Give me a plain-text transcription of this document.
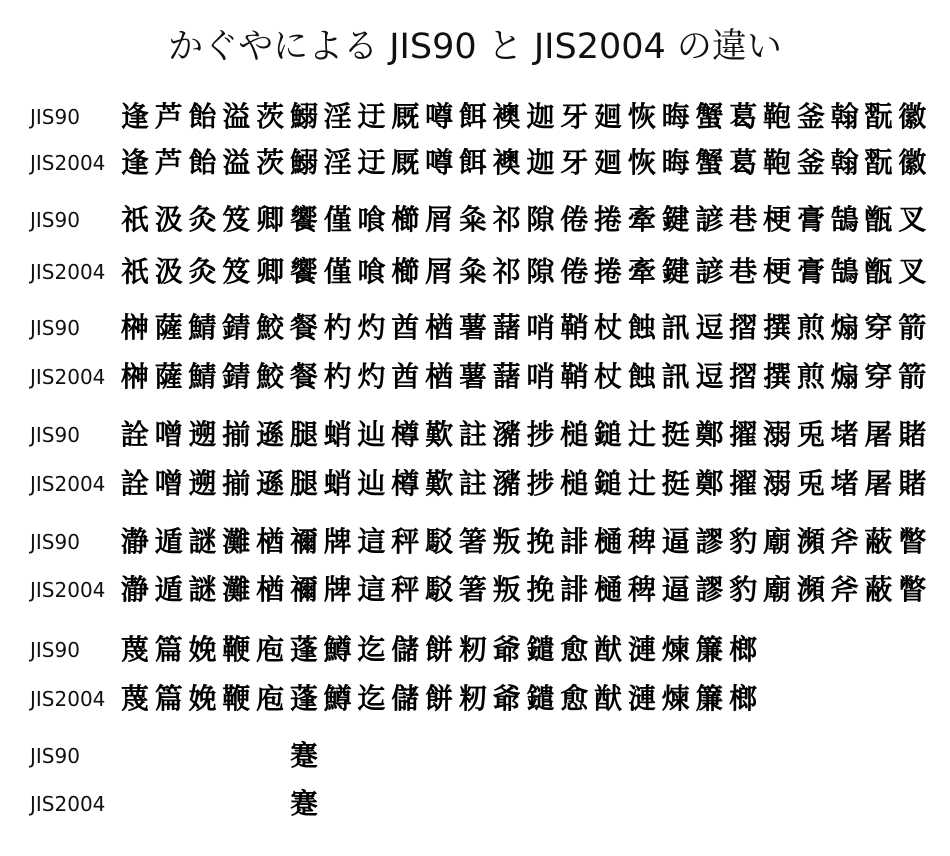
かぐやによる JIS90 と JIS2004 の違い
JIS90 逢 芦 飴 溢 茨 鰯 淫 迂 厩 噂 餌 襖 迦 牙 廻 恢 晦 蟹 葛 鞄 釜 翰 翫 徽
JIS2004 逢 芦 飴 溢 茨 鰯 淫 迂 厩 噂 餌 襖 迦 牙 廻 恢 晦 蟹 葛 鞄 釜 翰 翫 徽
JIS90 祇 汲 灸 笈 卿 饗 僅 喰 櫛 屑 粂 祁 隙 倦 捲 牽 鍵 諺 巷 梗 膏 鵠 甑 叉
JIS2004 祇 汲 灸 笈 卿 饗 僅 喰 櫛 屑 粂 祁 隙 倦 捲 牽 鍵 諺 巷 梗 膏 鵠 甑 叉
JIS90 榊 薩 鯖 錆 鮫 餐 杓 灼 酋 楢 薯 藷 哨 鞘 杖 蝕 訊 逗 摺 撰 煎 煽 穿 箭
JIS2004 榊 薩 鯖 錆 鮫 餐 杓 灼 酋 楢 薯 藷 哨 鞘 杖 蝕 訊 逗 摺 撰 煎 煽 穿 箭
JIS90 詮 噌 遡 揃 遜 腿 蛸 辿 樽 歎 註 瀦 捗 槌 鎚 辻 挺 鄭 擢 溺 兎 堵 屠 賭
JIS2004 詮 噌 遡 揃 遜 腿 蛸 辿 樽 歎 註 瀦 捗 槌 鎚 辻 挺 鄭 擢 溺 兎 堵 屠 賭
JIS90 瀞 遁 謎 灘 楢 禰 牌 這 秤 駁 箸 叛 挽 誹 樋 稗 逼 謬 豹 廟 瀕 斧 蔽 瞥
JIS2004 瀞 遁 謎 灘 楢 禰 牌 這 秤 駁 箸 叛 挽 誹 樋 稗 逼 謬 豹 廟 瀕 斧 蔽 瞥
JIS90 蔑 篇 娩 鞭 庖 蓬 鱒 迄 儲 餅 籾 爺 鑓 愈 猷 漣 煉 簾 榔
JIS2004 蔑 篇 娩 鞭 庖 蓬 鱒 迄 儲 餅 籾 爺 鑓 愈 猷 漣 煉 簾 榔
JIS90	蹇
JIS2004	蹇
